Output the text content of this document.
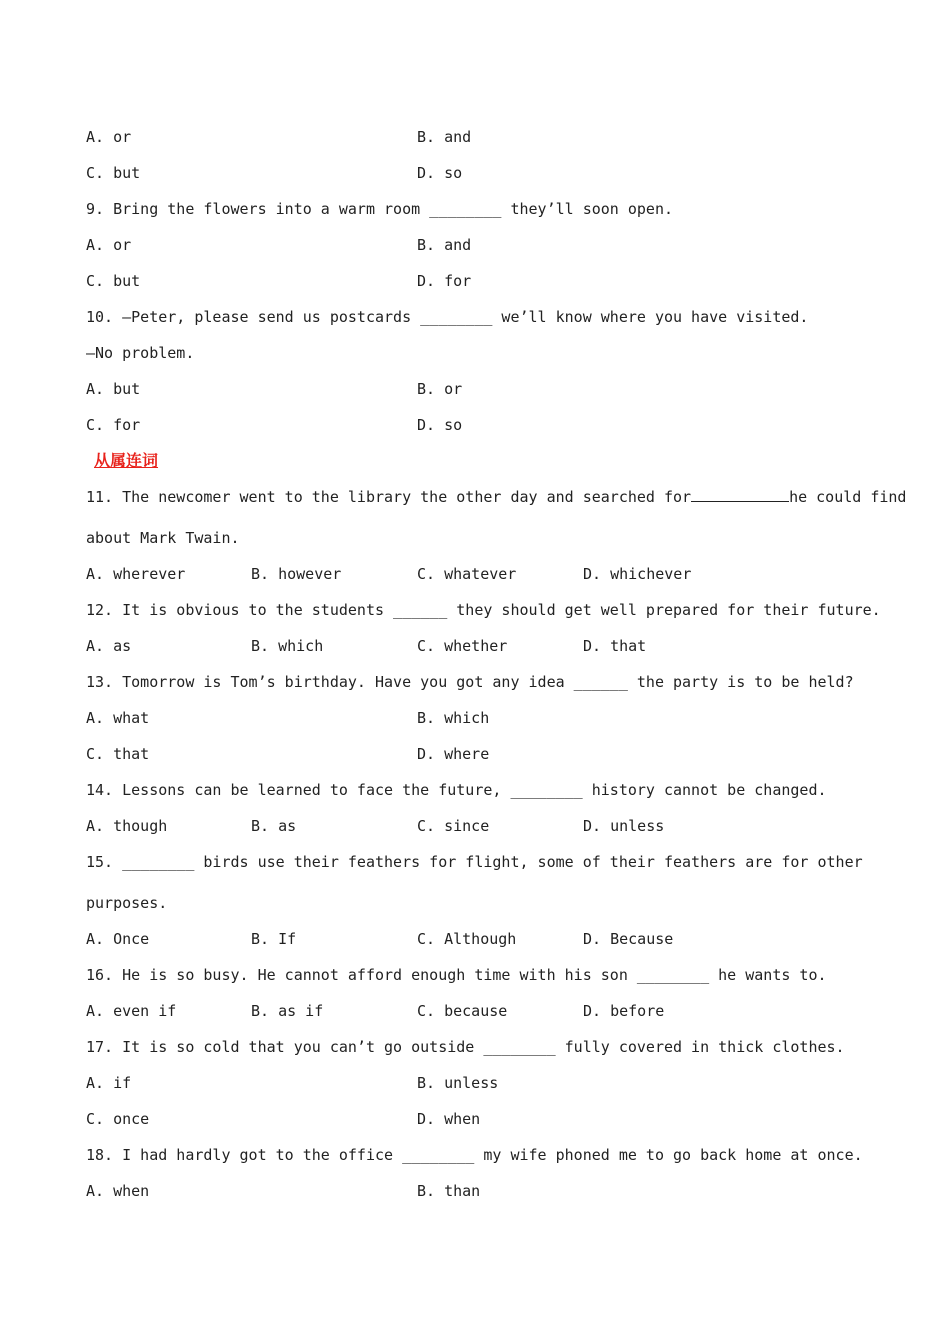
A. or	B. and
C. but	D. so
9. Bring the flowers into a warm room ________ they’ll soon open.
A. or	B. and
C. but	D. for
10. —Peter, please send us postcards ________ we’ll know where you have visited.
—No problem.
A. but	B. or
C. for	D. so
从属连词
11. The newcomer went to the library the other day and searched for	he could find
about Mark Twain.
A. wherever	B. however	C. whatever	D. whichever
12. It is obvious to the students ______ they should get well prepared for their future.
A. as	B. which	C. whether	D. that
13. Tomorrow is Tom’s birthday. Have you got any idea ______ the party is to be held?
A. what	B. which
C. that	D. where
14. Lessons can be learned to face the future, ________ history cannot be changed.
A. though	B. as	C. since	D. unless
15. ________ birds use their feathers for flight, some of their feathers are for other
purposes.
A. Once	B. If	C. Although	D. Because
16. He is so busy. He cannot afford enough time with his son ________ he wants to.
A. even if	B. as if	C. because	D. before
17. It is so cold that you can’t go outside ________ fully covered in thick clothes.
A. if	B. unless
C. once	D. when
18. I had hardly got to the office ________ my wife phoned me to go back home at once.
A. when	B. than
